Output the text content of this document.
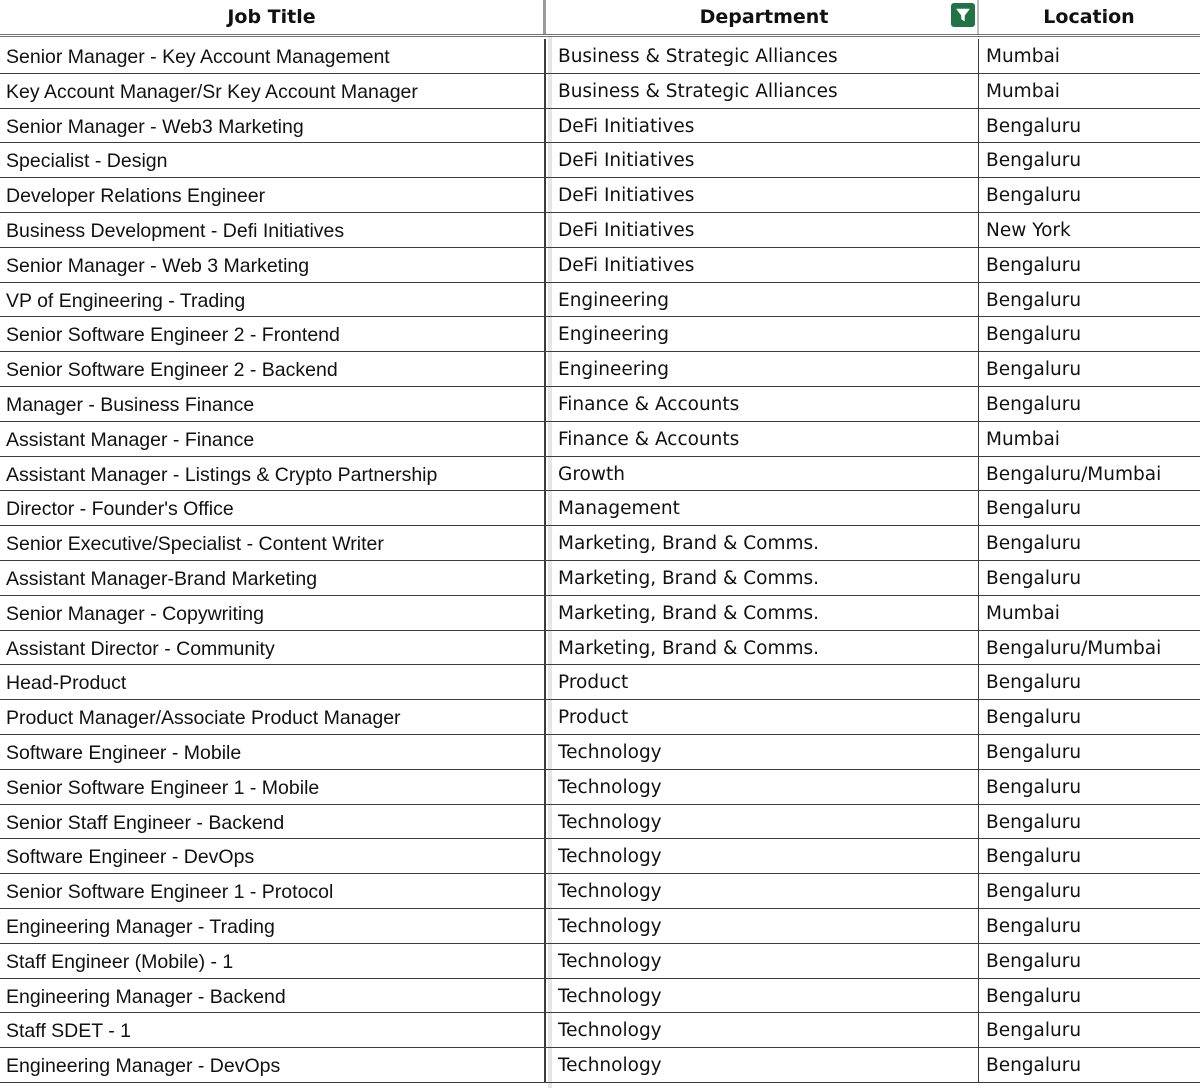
Job Title	Department	Location
Senior Manager - Key Account Management	Business & Strategic Alliances	Mumbai
Key Account Manager/Sr Key Account Manager	Business & Strategic Alliances	Mumbai
Senior Manager - Web3 Marketing	DeFi Initiatives	Bengaluru
Specialist - Design	DeFi Initiatives	Bengaluru
Developer Relations Engineer	DeFi Initiatives	Bengaluru
Business Development - Defi Initiatives	DeFi Initiatives	New York
Senior Manager - Web 3 Marketing	DeFi Initiatives	Bengaluru
VP of Engineering - Trading	Engineering	Bengaluru
Senior Software Engineer 2 - Frontend	Engineering	Bengaluru
Senior Software Engineer 2 - Backend	Engineering	Bengaluru
Manager - Business Finance	Finance & Accounts	Bengaluru
Assistant Manager - Finance	Finance & Accounts	Mumbai
Assistant Manager - Listings & Crypto Partnership	Growth	Bengaluru/Mumbai
Director - Founder's Office	Management	Bengaluru
Senior Executive/Specialist - Content Writer	Marketing, Brand & Comms.	Bengaluru
Assistant Manager-Brand Marketing	Marketing, Brand & Comms.	Bengaluru
Senior Manager - Copywriting	Marketing, Brand & Comms.	Mumbai
Assistant Director - Community	Marketing, Brand & Comms.	Bengaluru/Mumbai
Head-Product	Product	Bengaluru
Product Manager/Associate Product Manager	Product	Bengaluru
Software Engineer - Mobile	Technology	Bengaluru
Senior Software Engineer 1 - Mobile	Technology	Bengaluru
Senior Staff Engineer - Backend	Technology	Bengaluru
Software Engineer - DevOps	Technology	Bengaluru
Senior Software Engineer 1 - Protocol	Technology	Bengaluru
Engineering Manager - Trading	Technology	Bengaluru
Staff Engineer (Mobile) - 1	Technology	Bengaluru
Engineering Manager - Backend	Technology	Bengaluru
Staff SDET - 1	Technology	Bengaluru
Engineering Manager - DevOps	Technology	Bengaluru
